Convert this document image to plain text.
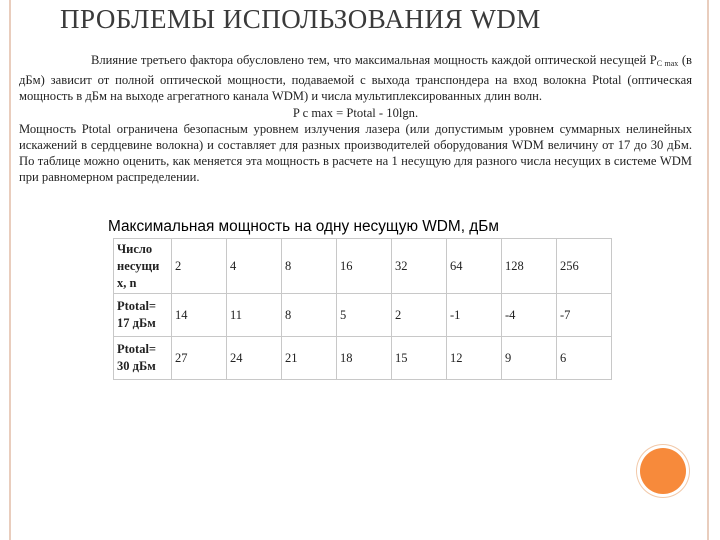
ПРОБЛЕМЫ ИСПОЛЬЗОВАНИЯ WDM

Влияние третьего фактора обусловлено тем, что максимальная мощность каждой оптической несущей $P_{C max}$ (в дБм) зависит от полной оптической мощности, подаваемой с выхода транспондера на вход волокна Ptotal (оптическая мощность в дБм на выходе агрегатного канала WDM) и числа мультиплексированных длин волн.

P c max = Ptotal - 10lgn.

Мощность Ptotal ограничена безопасным уровнем излучения лазера (или допустимым уровнем суммарных нелинейных искажений в сердцевине волокна) и составляет для разных производителей оборудования WDM величину от 17 до 30 дБм. По таблице можно оценить, как меняется эта мощность в расчете на 1 несущую для разного числа несущих в системе WDM при равномерном распределении.

Максимальная мощность на одну несущую WDM, дБм
Число несущи х, n	2	4	8	16	32	64	128	256
Ptotal= 17 дБм	14	11	8	5	2	-1	-4	-7
Ptotal= 30 дБм	27	24	21	18	15	12	9	6
